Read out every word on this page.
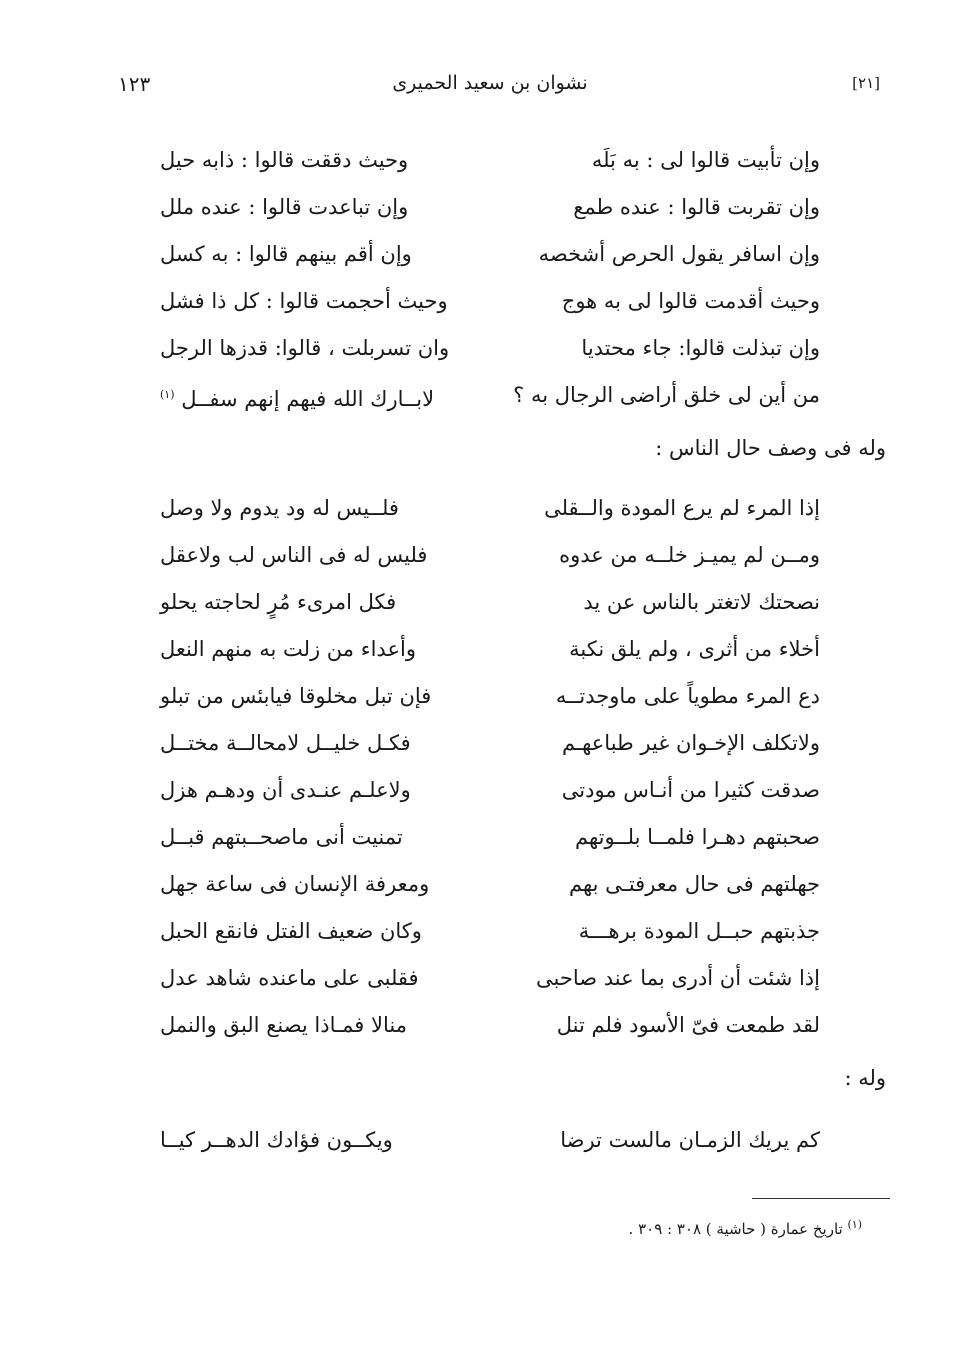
[٢١]
نشوان بن سعيد الحميرى
١٢٣
وإن تأبيت قالوا لى : به بَلَه
وحيث دققت قالوا : ذابه حيل
وإن تقربت قالوا : عنده طمع
وإن تباعدت قالوا : عنده ملل
وإن اسافر يقول الحرص أشخصه
وإن أقم بينهم قالوا : به كسل
وحيث أقدمت قالوا لى به هوج
وحيث أحجمت قالوا : كل ذا فشل
وإن تبذلت قالوا: جاء محتديا
وان تسربلت ، قالوا: قدزها الرجل
من أين لى خلق أراضى الرجال به ؟
لابــارك الله فيهم إنهم سفــل $^{(١)}$
وله فى وصف حال الناس :
إذا المرء لم يرع المودة والــقلى
فلــيس له ود يدوم ولا وصل
ومــن لم يميـز خلــه من عدوه
فليس له فى الناس لب ولاعقل
نصحتك لاتغتر بالناس عن يد
فكل امرىء مُرٍ لحاجته يحلو
أخلاء من أثرى ، ولم يلق نكبة
وأعداء من زلت به منهم النعل
دع المرء مطوياً على ماوجدتــه
فإن تبل مخلوقا فيابئس من تبلو
ولاتكلف الإخـوان غير طباعهـم
فكـل خليــل لامحالــة مختــل
صدقت كثيرا من أنـاس مودتى
ولاعلـم عنـدى أن ودهـم هزل
صحبتهم دهـرا فلمــا بلــوتهم
تمنيت أنى ماصحــبتهم قبــل
جهلتهم فى حال معرفتـى بهم
ومعرفة الإنسان فى ساعة جهل
جذبتهم حبــل المودة برهـــة
وكان ضعيف الفتل فانقع الحبل
إذا شئت أن أدرى بما عند صاحبى
فقلبى على ماعنده شاهد عدل
لقد طمعت فىّ الأسود فلم تنل
منالا فمـاذا يصنع البق والنمل
وله :
كم يريك الزمـان مالست ترضا
ويكــون فؤادك الدهــر كيــا
$^{(١)}$ تاريخ عمارة ( حاشية ) ٣٠٨ : ٣٠٩ .
